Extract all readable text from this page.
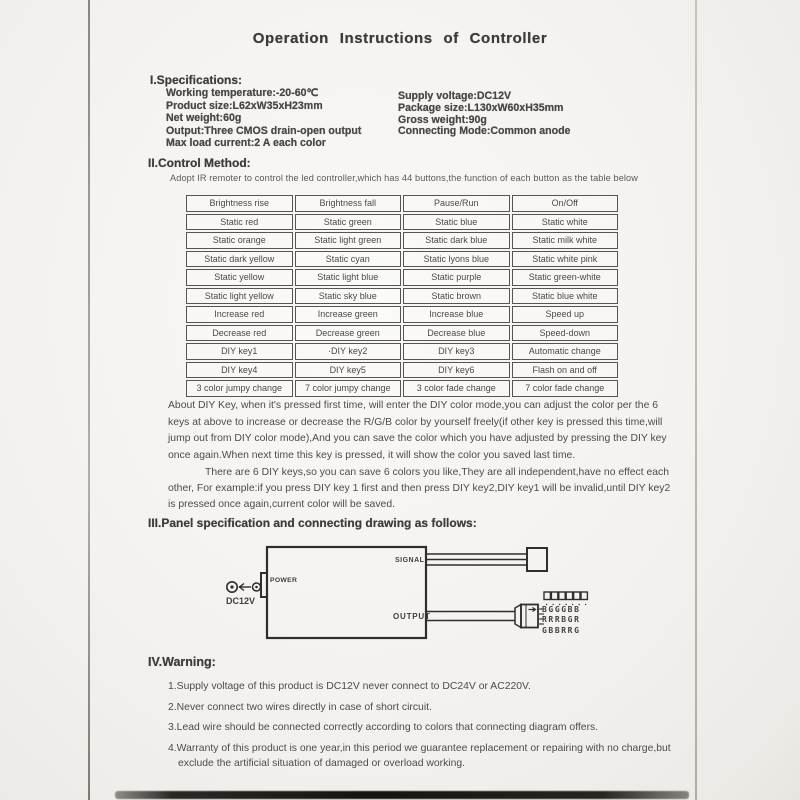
Operation Instructions of Controller
I.Specifications:
Working temperature:-20-60℃
Product size:L62xW35xH23mm
Net weight:60g
Output:Three CMOS drain-open output
Max load current:2 A each color
Supply voltage:DC12V
Package size:L130xW60xH35mm
Gross weight:90g
Connecting Mode:Common anode
II.Control Method:
Adopt IR remoter to control the led controller,which has 44 buttons,the function of each button as the table below
Brightness rise	Brightness fall	Pause/Run	On/Off
Static red	Static green	Static blue	Static white
Static orange	Static light green	Static dark blue	Static milk white
Static dark yellow	Static cyan	Static lyons blue	Static white pink
Static yellow	Static light blue	Static purple	Static green-white
Static light yellow	Static sky blue	Static brown	Static blue white
Increase red	Increase green	Increase blue	Speed up
Decrease red	Decrease green	Decrease blue	Speed-down
DIY key1	·DIY key2	DIY key3	Automatic change
DIY key4	DIY key5	DIY key6	Flash on and off
3 color jumpy change	7 color jumpy change	3 color fade change	7 color fade change
About DIY Key, when it's pressed first time, will enter the DIY color mode,you can adjust the color per the 6 keys at above to increase or decrease the R/G/B color by yourself freely(if other key is pressed this time,will jump out from DIY color mode),And you can save the color which you have adjusted by pressing the DIY key once again.When next time this key is pressed, it will show the color you saved last time.
There are 6 DIY keys,so you can save 6 colors you like,They are all independent,have no effect each other, For example:if you press DIY key 1 first and then press DIY key2,DIY key1 will be invalid,until DIY key2 is pressed once again,current color will be saved.
III.Panel specification and connecting drawing as follows:
POWER
DC12V
SIGNAL
OUTPUT
BGGGBB
RRRBGR
GBBRRG
IV.Warning:
1.Supply voltage of this product is DC12V never connect to DC24V or AC220V.
2.Never connect two wires directly in case of short circuit.
3.Lead wire should be connected correctly according to colors that connecting diagram offers.
4.Warranty of this product is one year,in this period we guarantee replacement or repairing with no charge,but exclude the artificial situation of damaged or overload working.
